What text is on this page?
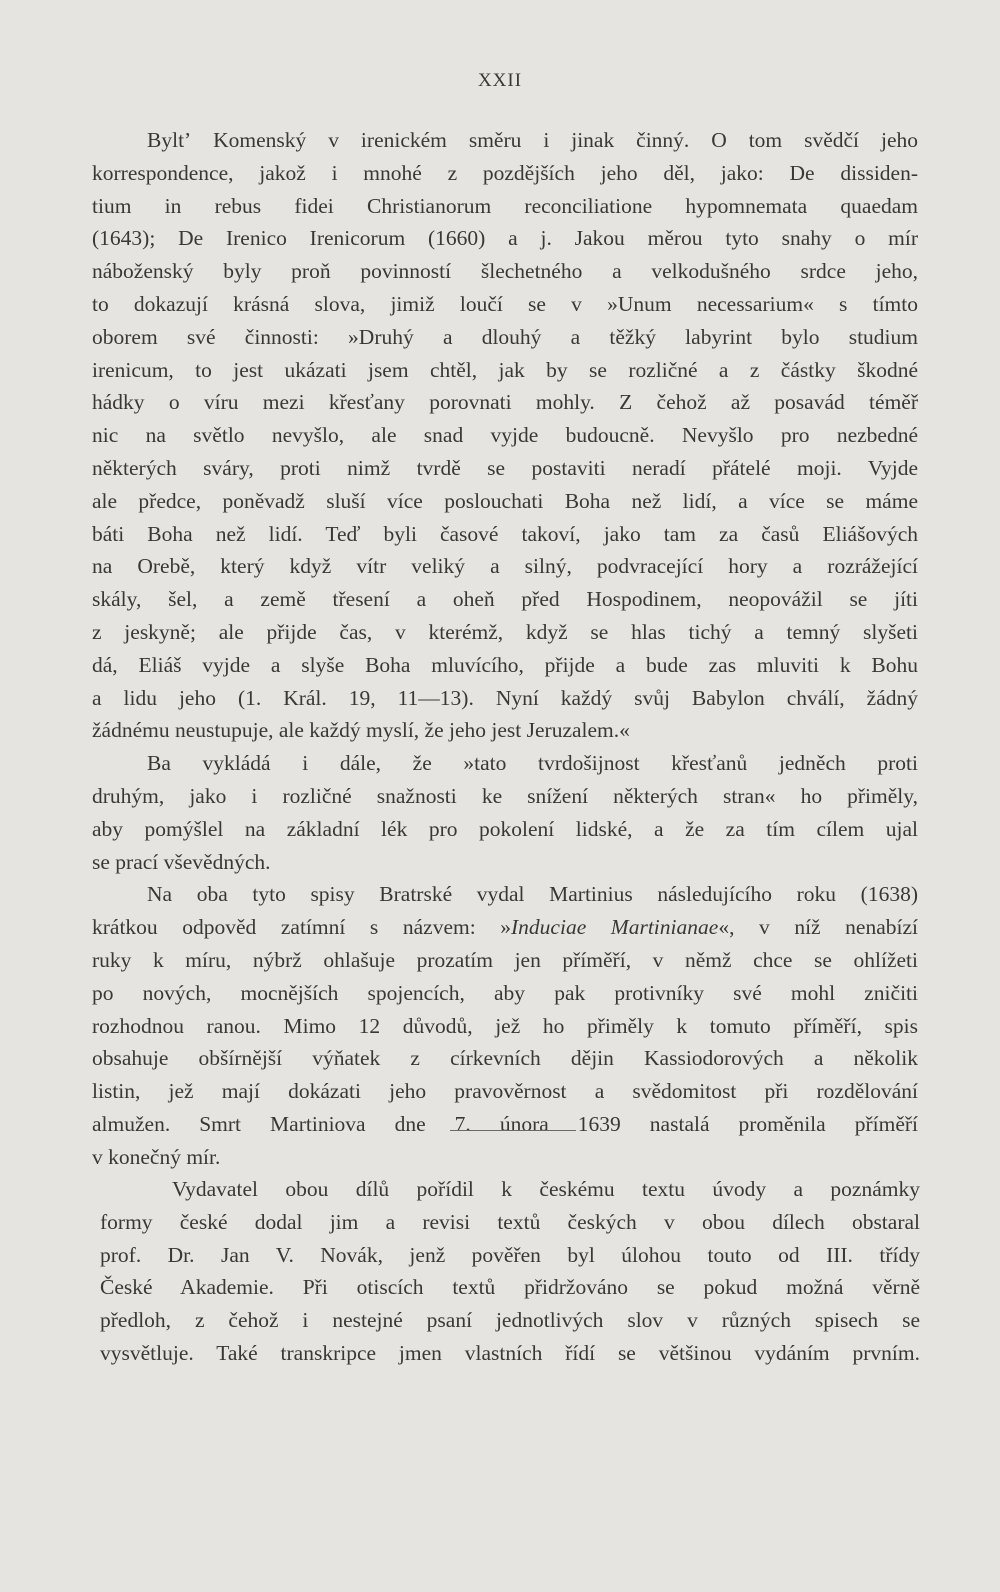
XXII
Byltʼ Komenský v irenickém směru i jinak činný. O tom svědčí jeho
korrespondence, jakož i mnohé z pozdějších jeho děl, jako: De dissiden-
tium in rebus fidei Christianorum reconciliatione hypomnemata quaedam
(1643); De Irenico Irenicorum (1660) a j. Jakou měrou tyto snahy o mír
náboženský byly proň povinností šlechetného a velkodušného srdce jeho,
to dokazují krásná slova, jimiž loučí se v »Unum necessarium« s tímto
oborem své činnosti: »Druhý a dlouhý a těžký labyrint bylo studium
irenicum, to jest ukázati jsem chtěl, jak by se rozličné a z částky škodné
hádky o víru mezi křesťany porovnati mohly. Z čehož až posavád téměř
nic na světlo nevyšlo, ale snad vyjde budoucně. Nevyšlo pro nezbedné
některých sváry, proti nimž tvrdě se postaviti neradí přátelé moji. Vyjde
ale předce, poněvadž sluší více poslouchati Boha než lidí, a více se máme
báti Boha než lidí. Teď byli časové takoví, jako tam za časů Eliášových
na Orebě, který když vítr veliký a silný, podvracející hory a rozrážející
skály, šel, a země třesení a oheň před Hospodinem, neopovážil se jíti
z jeskyně; ale přijde čas, v kterémž, když se hlas tichý a temný slyšeti
dá, Eliáš vyjde a slyše Boha mluvícího, přijde a bude zas mluviti k Bohu
a lidu jeho (1. Král. 19, 11—13). Nyní každý svůj Babylon chválí, žádný
žádnému neustupuje, ale každý myslí, že jeho jest Jeruzalem.«
Ba vykládá i dále, že »tato tvrdošijnost křesťanů jedněch proti
druhým, jako i rozličné snažnosti ke snížení některých stran« ho přiměly,
aby pomýšlel na základní lék pro pokolení lidské, a že za tím cílem ujal
se prací vševědných.
Na oba tyto spisy Bratrské vydal Martinius následujícího roku (1638)
krátkou odpověd zatímní s názvem: »Induciae Martinianae«, v níž nenabízí
ruky k míru, nýbrž ohlašuje prozatím jen příměří, v němž chce se ohlížeti
po nových, mocnějších spojencích, aby pak protivníky své mohl zničiti
rozhodnou ranou. Mimo 12 důvodů, jež ho přiměly k tomuto příměří, spis
obsahuje obšírnější výňatek z církevních dějin Kassiodorových a několik
listin, jež mají dokázati jeho pravověrnost a svědomitost při rozdělování
almužen. Smrt Martiniova dne 7. února 1639 nastalá proměnila příměří
v konečný mír.
Vydavatel obou dílů pořídil k českému textu úvody a poznámky
formy české dodal jim a revisi textů českých v obou dílech obstaral
prof. Dr. Jan V. Novák, jenž pověřen byl úlohou touto od III. třídy
České Akademie. Při otiscích textů přidržováno se pokud možná věrně
předloh, z čehož i nestejné psaní jednotlivých slov v různých spisech se
vysvětluje. Také transkripce jmen vlastních řídí se většinou vydáním prvním.
